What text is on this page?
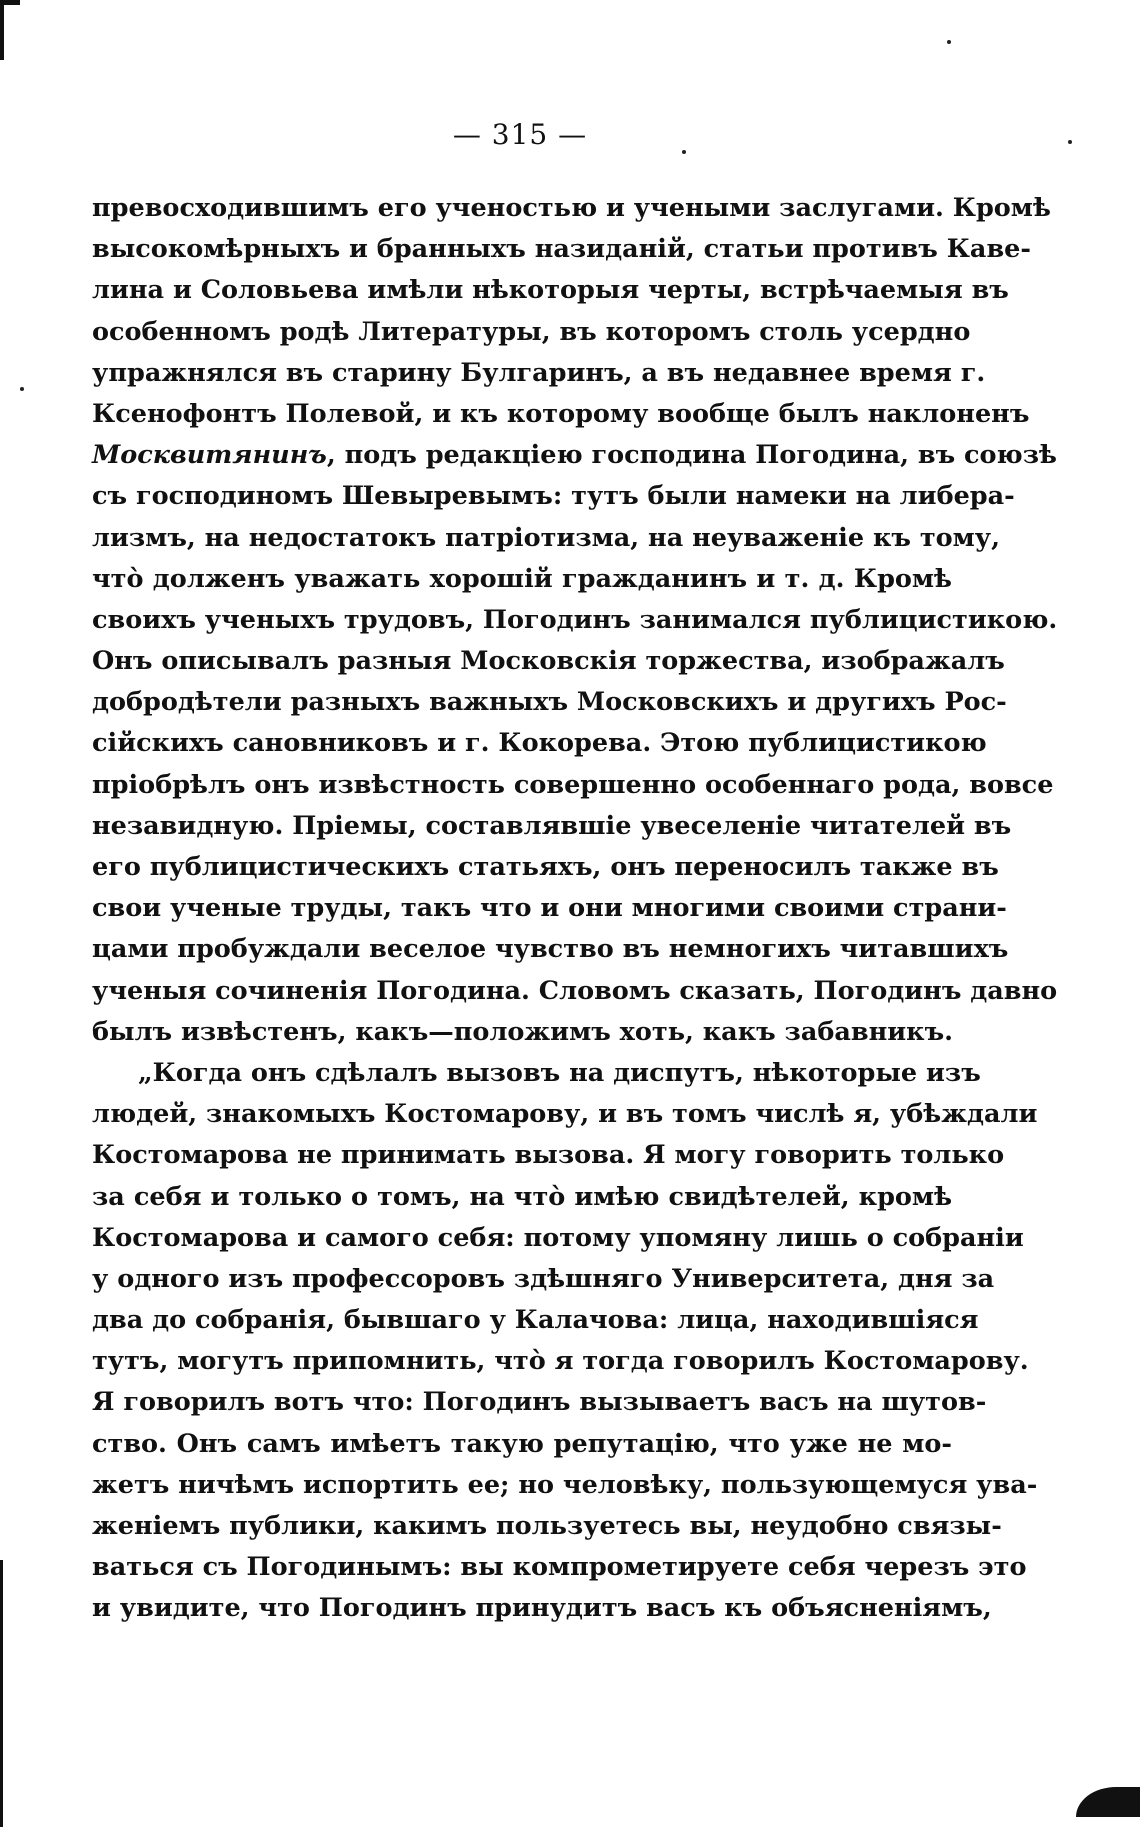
— 315 —
превосходившимъ его ученостью и учеными заслугами. Кромѣ
высокомѣрныхъ и бранныхъ назиданій, статьи противъ Кавe-
лина и Соловьева имѣли нѣкоторыя черты, встрѣчаемыя въ
особенномъ родѣ Литературы, въ которомъ столь усердно
упражнялся въ старину Булгаринъ, а въ недавнее время г.
Ксенофонтъ Полевой, и къ которому вообще былъ наклоненъ
Москвитянинъ, подъ редакціею господина Погодина, въ союзѣ
съ господиномъ Шевыревымъ: тутъ были намеки на либера-
лизмъ, на недостатокъ патріотизма, на неуваженіе къ тому,
что̀ долженъ уважать хорошій гражданинъ и т. д. Кромѣ
своихъ ученыхъ трудовъ, Погодинъ занимался публицистикою.
Онъ описывалъ разныя Московскія торжества, изображалъ
добродѣтели разныхъ важныхъ Московскихъ и другихъ Рос-
сійскихъ сановниковъ и г. Кокорева. Этою публицистикою
пріобрѣлъ онъ извѣстность совершенно особеннаго рода, вовсе
незавидную. Пріемы, составлявшіе увеселеніе читателей въ
его публицистическихъ статьяхъ, онъ переносилъ также въ
свои ученые труды, такъ что и они многими своими страни-
цами пробуждали веселое чувство въ немногихъ читавшихъ
ученыя сочиненія Погодина. Словомъ сказать, Погодинъ давно
былъ извѣстенъ, какъ—положимъ хоть, какъ забавникъ.
„Когда онъ сдѣлалъ вызовъ на диспутъ, нѣкоторые изъ
людей, знакомыхъ Костомарову, и въ томъ числѣ я, убѣждали
Костомарова не принимать вызова. Я могу говорить только
за себя и только о томъ, на что̀ имѣю свидѣтелей, кромѣ
Костомарова и самого себя: потому упомяну лишь о собраніи
у одного изъ профессоровъ здѣшняго Университета, дня за
два до собранія, бывшаго у Калачова: лица, находившіяся
тутъ, могутъ припомнить, что̀ я тогда говорилъ Костомарову.
Я говорилъ вотъ что: Погодинъ вызываетъ васъ на шутов-
ство. Онъ самъ имѣетъ такую репутацію, что уже не мо-
жетъ ничѣмъ испортить ее; но человѣку, пользующемуся ува-
женіемъ публики, какимъ пользуетесь вы, неудобно связы-
ваться съ Погодинымъ: вы компрометируете себя черезъ это
и увидите, что Погодинъ принудитъ васъ къ объясненіямъ,
